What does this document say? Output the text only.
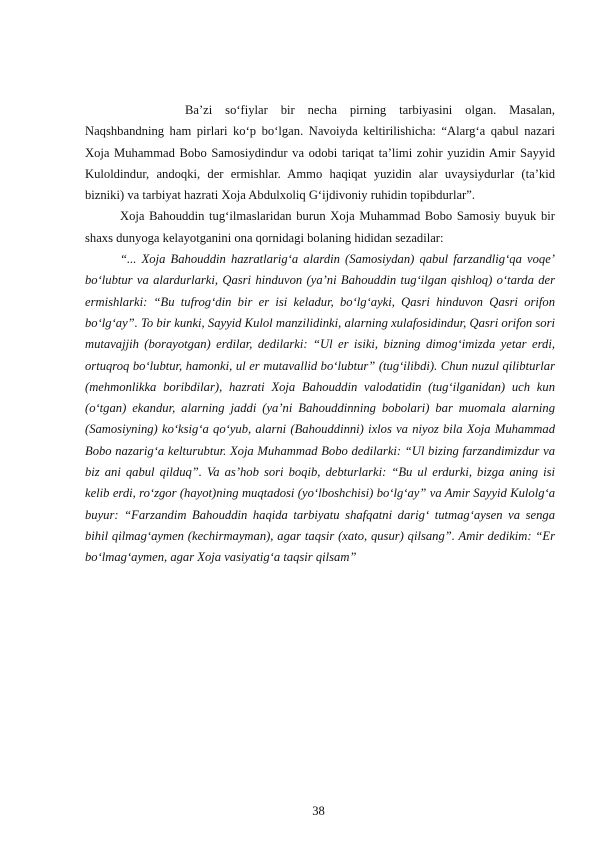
Baʼzi soʻfiylar bir necha pirning tarbiyasini olgan. Masalan, Naqshbandning ham pirlari koʻp boʻlgan. Navoiyda keltirilishicha: “Alargʻa qabul nazari Xoja Muhammad Bobo Samosiydindur va odobi tariqat taʼlimi zohir yuzidin Amir Sayyid Kuloldindur, andoqki, der ermishlar. Ammo haqiqat yuzidin alar uvaysiydurlar (taʼkid bizniki) va tarbiyat hazrati Xoja Abdulxoliq Gʻijdivoniy ruhidin topibdurlar”.

Xoja Bahouddin tugʻilmaslaridan burun Xoja Muhammad Bobo Samosiy buyuk bir shaxs dunyoga kelayotganini ona qornidagi bolaning hididan sezadilar:

“... Xoja Bahouddin hazratlarigʻa alardin (Samosiydan) qabul farzandligʻqa voqeʼ boʻlubtur va alardurlarki, Qasri hinduvon (yaʼni Bahouddin tugʻilgan qishloq) oʻtarda der ermishlarki: “Bu tufrogʻdin bir er isi keladur, boʻlgʻayki, Qasri hinduvon Qasri orifon boʻlgʻay”. To bir kunki, Sayyid Kulol manzilidinki, alarning xulafosidindur, Qasri orifon sori mutavajjih (borayotgan) erdilar, dedilarki: “Ul er isiki, bizning dimogʻimizda yetar erdi, ortuqroq boʻlubtur, hamonki, ul er mutavallid boʻlubtur” (tugʻilibdi). Chun nuzul qilibturlar (mehmonlikka boribdilar), hazrati Xoja Bahouddin valodatidin (tugʻilganidan) uch kun (oʻtgan) ekandur, alarning jaddi (yaʼni Bahouddinning bobolari) bar muomala alarning (Samosiyning) koʻksigʻa qoʻyub, alarni (Bahouddinni) ixlos va niyoz bila Xoja Muhammad Bobo nazarigʻa kelturubtur. Xoja Muhammad Bobo dedilarki: “Ul bizing farzandimizdur va biz ani qabul qilduq”. Va asʼhob sori boqib, debturlarki: “Bu ul erdurki, bizga aning isi kelib erdi, roʻzgor (hayot)ning muqtadosi (yoʻlboshchisi) boʻlgʻay” va Amir Sayyid Kulolgʻa buyur: “Farzandim Bahouddin haqida tarbiyatu shafqatni darigʻ tutmagʻaysen va senga bihil qilmagʻaymen (kechirmayman), agar taqsir (xato, qusur) qilsang”. Amir dedikim: “Er boʻlmagʻaymen, agar Xoja vasiyatigʻa taqsir qilsam”

38
